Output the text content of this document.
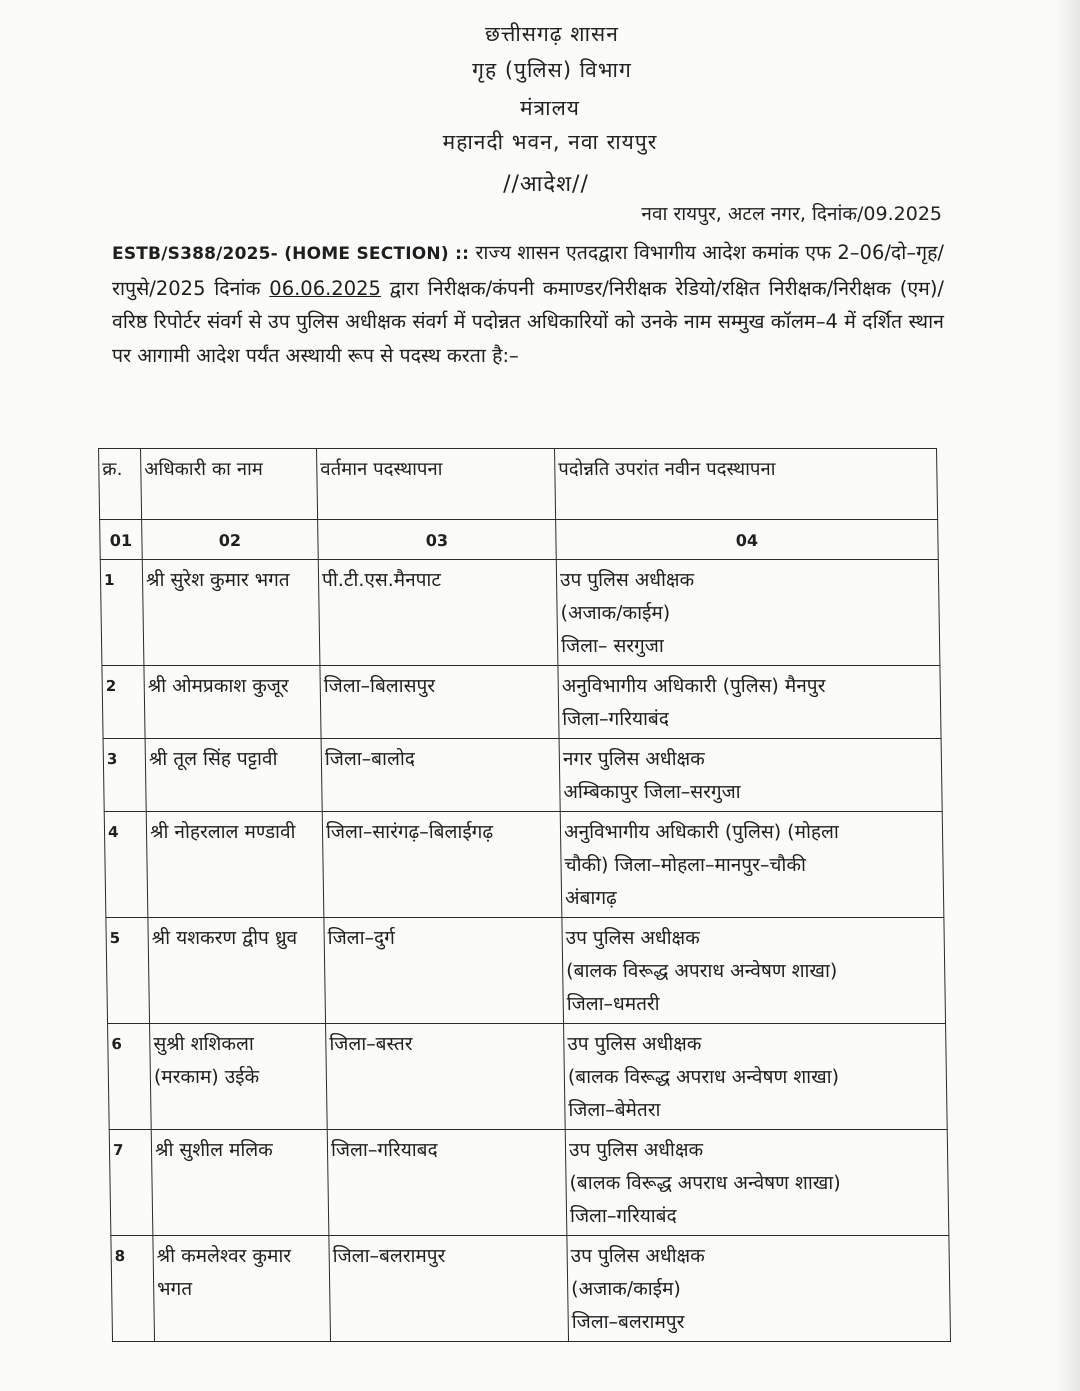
छत्तीसगढ़ शासन
गृह (पुलिस) विभाग
मंत्रालय
महानदी भवन, नवा रायपुर
//आदेश//
नवा रायपुर, अटल नगर, दिनांक/09.2025
ESTB/S388/2025- (HOME SECTION) :: राज्य शासन एतदद्वारा विभागीय आदेश कमांक एफ 2–06/दो–गृह/रापुसे/2025 दिनांक 06.06.2025 द्वारा निरीक्षक/कंपनी कमाण्डर/निरीक्षक रेडियो/रक्षित निरीक्षक/निरीक्षक (एम)/वरिष्ठ रिपोर्टर संवर्ग से उप पुलिस अधीक्षक संवर्ग में पदोन्नत अधिकारियों को उनके नाम सम्मुख कॉलम–4 में दर्शित स्थान पर आगामी आदेश पर्यंत अस्थायी रूप से पदस्थ करता है:–
क्र.	अधिकारी का नाम	वर्तमान पदस्थापना	पदोन्नति उपरांत नवीन पदस्थापना
01	02	03	04
1	श्री सुरेश कुमार भगत	पी.टी.एस.मैनपाट	उप पुलिस अधीक्षक
(अजाक/काईम)
जिला– सरगुजा

2	श्री ओमप्रकाश कुजूर	जिला–बिलासपुर	अनुविभागीय अधिकारी (पुलिस) मैनपुर
जिला–गरियाबंद

3	श्री तूल सिंह पट्टावी	जिला–बालोद	नगर पुलिस अधीक्षक
अम्बिकापुर जिला–सरगुजा

4	श्री नोहरलाल मण्डावी	जिला–सारंगढ़–बिलाईगढ़	अनुविभागीय अधिकारी (पुलिस) (मोहला
चौकी) जिला–मोहला–मानपुर–चौकी
अंबागढ़

5	श्री यशकरण द्वीप ध्रुव	जिला–दुर्ग	उप पुलिस अधीक्षक
(बालक विरूद्ध अपराध अन्वेषण शाखा)
जिला–धमतरी

6	सुश्री शशिकला
(मरकाम) उईके	जिला–बस्तर	उप पुलिस अधीक्षक
(बालक विरूद्ध अपराध अन्वेषण शाखा)
जिला–बेमेतरा

7	श्री सुशील मलिक	जिला–गरियाबद	उप पुलिस अधीक्षक
(बालक विरूद्ध अपराध अन्वेषण शाखा)
जिला–गरियाबंद

8	श्री कमलेश्वर कुमार
भगत	जिला–बलरामपुर	उप पुलिस अधीक्षक
(अजाक/काईम)
जिला–बलरामपुर
